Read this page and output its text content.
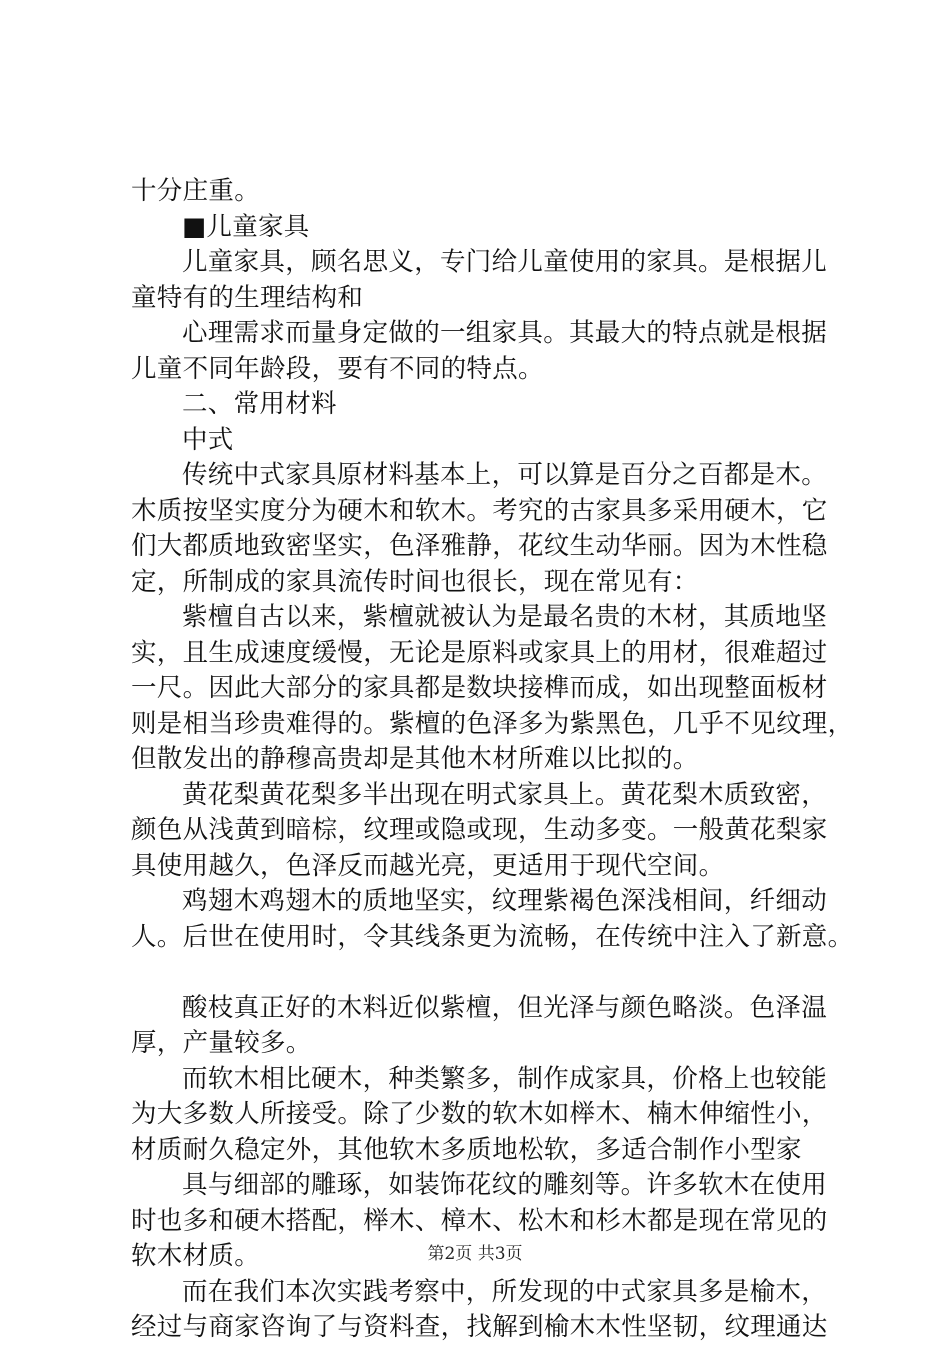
十分庄重。
■儿童家具
儿童家具，顾名思义，专门给儿童使用的家具。是根据儿
童特有的生理结构和
心理需求而量身定做的一组家具。其最大的特点就是根据
儿童不同年龄段，要有不同的特点。
二、常用材料
中式
传统中式家具原材料基本上，可以算是百分之百都是木。
木质按坚实度分为硬木和软木。考究的古家具多采用硬木，它
们大都质地致密坚实，色泽雅静，花纹生动华丽。因为木性稳
定，所制成的家具流传时间也很长，现在常见有：
紫檀自古以来，紫檀就被认为是最名贵的木材，其质地坚
实，且生成速度缓慢，无论是原料或家具上的用材，很难超过
一尺。因此大部分的家具都是数块接榫而成，如出现整面板材
则是相当珍贵难得的。紫檀的色泽多为紫黑色，几乎不见纹理，
但散发出的静穆高贵却是其他木材所难以比拟的。
黄花梨黄花梨多半出现在明式家具上。黄花梨木质致密，
颜色从浅黄到暗棕，纹理或隐或现，生动多变。一般黄花梨家
具使用越久，色泽反而越光亮，更适用于现代空间。
鸡翅木鸡翅木的质地坚实，纹理紫褐色深浅相间，纤细动
人。后世在使用时，令其线条更为流畅，在传统中注入了新意。
酸枝真正好的木料近似紫檀，但光泽与颜色略淡。色泽温
厚，产量较多。
而软木相比硬木，种类繁多，制作成家具，价格上也较能
为大多数人所接受。除了少数的软木如榉木、楠木伸缩性小，
材质耐久稳定外，其他软木多质地松软，多适合制作小型家
具与细部的雕琢，如装饰花纹的雕刻等。许多软木在使用
时也多和硬木搭配，榉木、樟木、松木和杉木都是现在常见的
软木材质。
而在我们本次实践考察中，所发现的中式家具多是榆木，
经过与商家咨询了与资料查，找解到榆木木性坚韧，纹理通达
第2页 共3页
